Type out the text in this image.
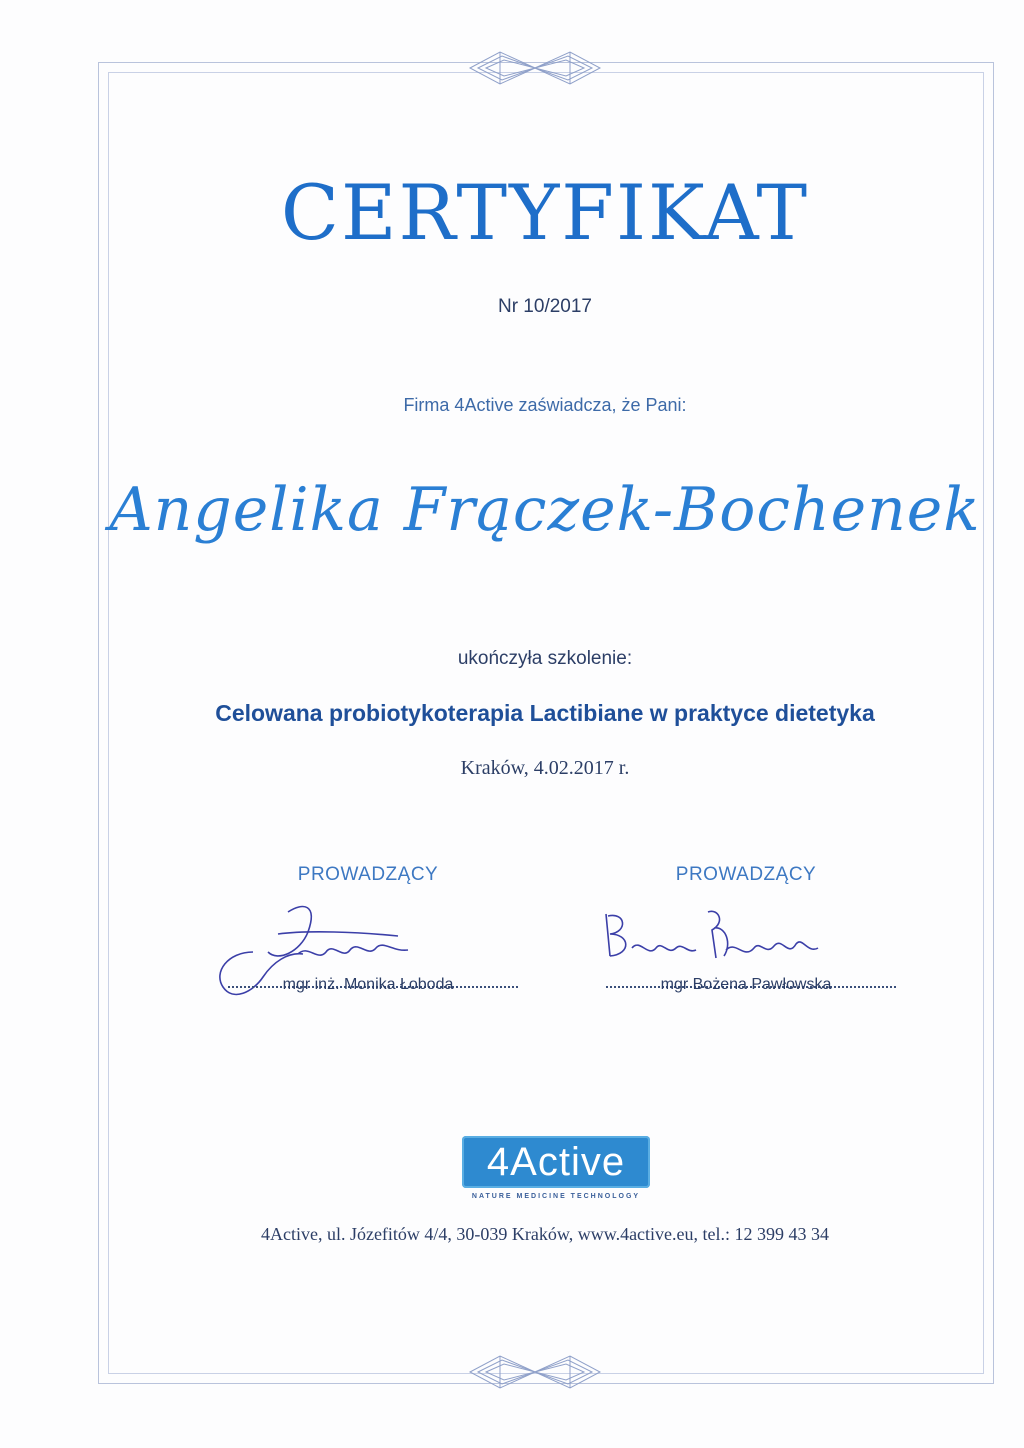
CERTYFIKAT
Nr 10/2017
Firma 4Active zaświadcza, że Pani:
Angelika Frączek-Bochenek
ukończyła szkolenie:
Celowana probiotykoterapia Lactibiane w praktyce dietetyka
Kraków, 4.02.2017 r.
PROWADZĄCY
mgr inż. Monika Łoboda
PROWADZĄCY
mgr Bożena Pawłowska
4Active
NATURE MEDICINE TECHNOLOGY
4Active, ul. Józefitów 4/4, 30-039 Kraków, www.4active.eu, tel.: 12 399 43 34
